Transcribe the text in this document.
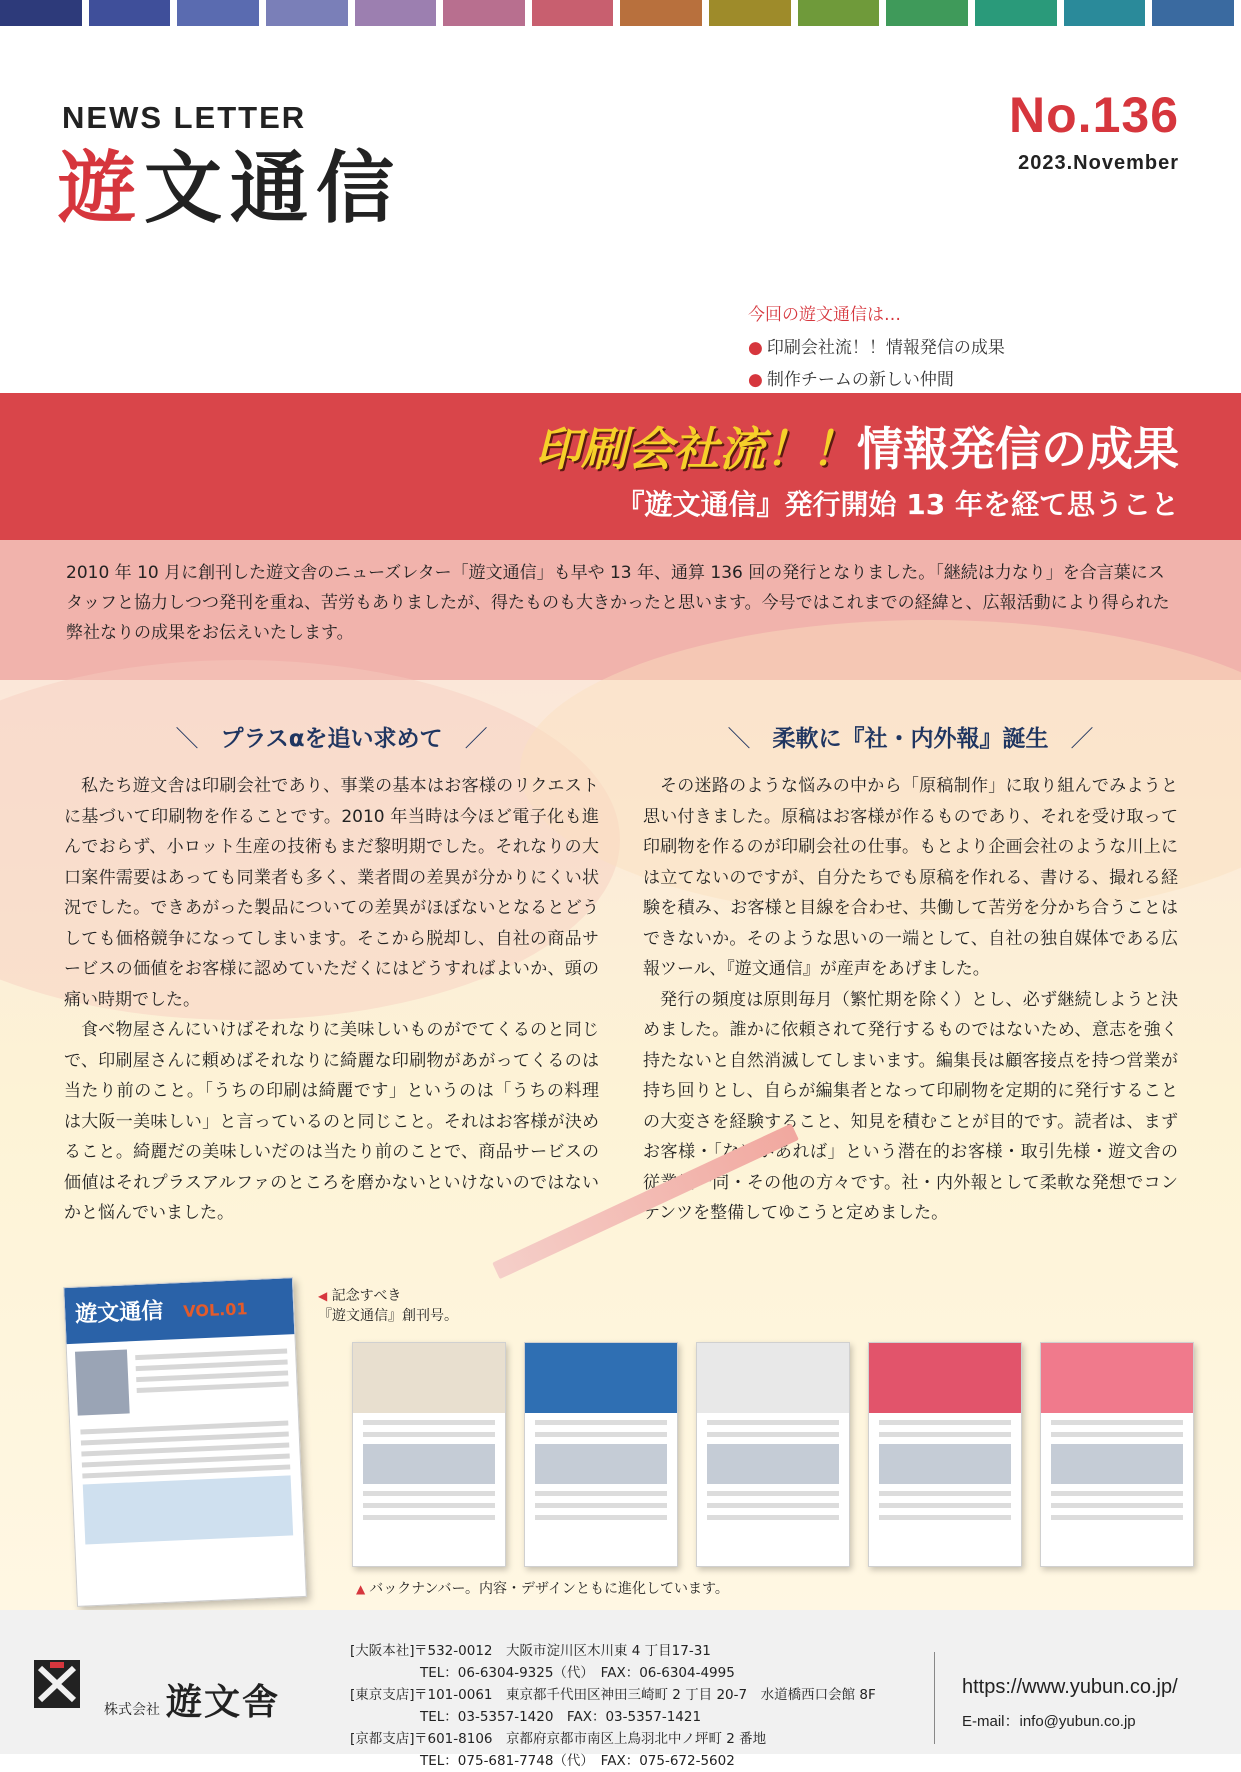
NEWS LETTER
遊文通信
No.136
2023.November
今回の遊文通信は…
● 印刷会社流！！情報発信の成果
● 制作チームの新しい仲間
印刷会社流！！情報発信の成果
『遊文通信』発行開始 13 年を経て思うこと
2010 年 10 月に創刊した遊文舎のニューズレター「遊文通信」も早や 13 年、通算 136 回の発行となりました。「継続は力なり」を合言葉にスタッフと協力しつつ発刊を重ね、苦労もありましたが、得たものも大きかったと思います。今号ではこれまでの経緯と、広報活動により得られた弊社なりの成果をお伝えいたします。
＼ プラスαを追い求めて ／

私たち遊文舎は印刷会社であり、事業の基本はお客様のリクエストに基づいて印刷物を作ることです。2010 年当時は今ほど電子化も進んでおらず、小ロット生産の技術もまだ黎明期でした。それなりの大口案件需要はあっても同業者も多く、業者間の差異が分かりにくい状況でした。できあがった製品についての差異がほぼないとなるとどうしても価格競争になってしまいます。そこから脱却し、自社の商品サービスの価値をお客様に認めていただくにはどうすればよいか、頭の痛い時期でした。

食べ物屋さんにいけばそれなりに美味しいものがでてくるのと同じで、印刷屋さんに頼めばそれなりに綺麗な印刷物があがってくるのは当たり前のこと。「うちの印刷は綺麗です」というのは「うちの料理は大阪一美味しい」と言っているのと同じこと。それはお客様が決めること。綺麗だの美味しいだのは当たり前のことで、商品サービスの価値はそれプラスアルファのところを磨かないといけないのではないかと悩んでいました。

＼ 柔軟に『社・内外報』誕生 ／

その迷路のような悩みの中から「原稿制作」に取り組んでみようと思い付きました。原稿はお客様が作るものであり、それを受け取って印刷物を作るのが印刷会社の仕事。もとより企画会社のような川上には立てないのですが、自分たちでも原稿を作れる、書ける、撮れる経験を積み、お客様と目線を合わせ、共働して苦労を分かち合うことはできないか。そのような思いの一端として、自社の独自媒体である広報ツール、『遊文通信』が産声をあげました。

発行の頻度は原則毎月（繁忙期を除く）とし、必ず継続しようと決めました。誰かに依頼されて発行するものではないため、意志を強く持たないと自然消滅してしまいます。編集長は顧客接点を持つ営業が持ち回りとし、自らが編集者となって印刷物を定期的に発行することの大変さを経験すること、知見を積むことが目的です。読者は、まずお客様・「なにかあれば」という潜在的お客様・取引先様・遊文舎の従業員一同・その他の方々です。社・内外報として柔軟な発想でコンテンツを整備してゆこうと定めました。

遊文通信 VOL.01
◀ 記念すべき
『遊文通信』創刊号。
▲ バックナンバー。内容・デザインともに進化しています。
株式会社 遊文舎
[大阪本社]〒532-0012　大阪市淀川区木川東 4 丁目17-31
TEL：06-6304-9325（代）　FAX：06-6304-4995
[東京支店]〒101-0061　東京都千代田区神田三崎町 2 丁目 20-7　水道橋西口会館 8F
TEL：03-5357-1420　FAX：03-5357-1421
[京都支店]〒601-8106　京都府京都市南区上鳥羽北中ノ坪町 2 番地
TEL：075-681-7748（代）　FAX：075-672-5602
https://www.yubun.co.jp/
E-mail：info@yubun.co.jp
